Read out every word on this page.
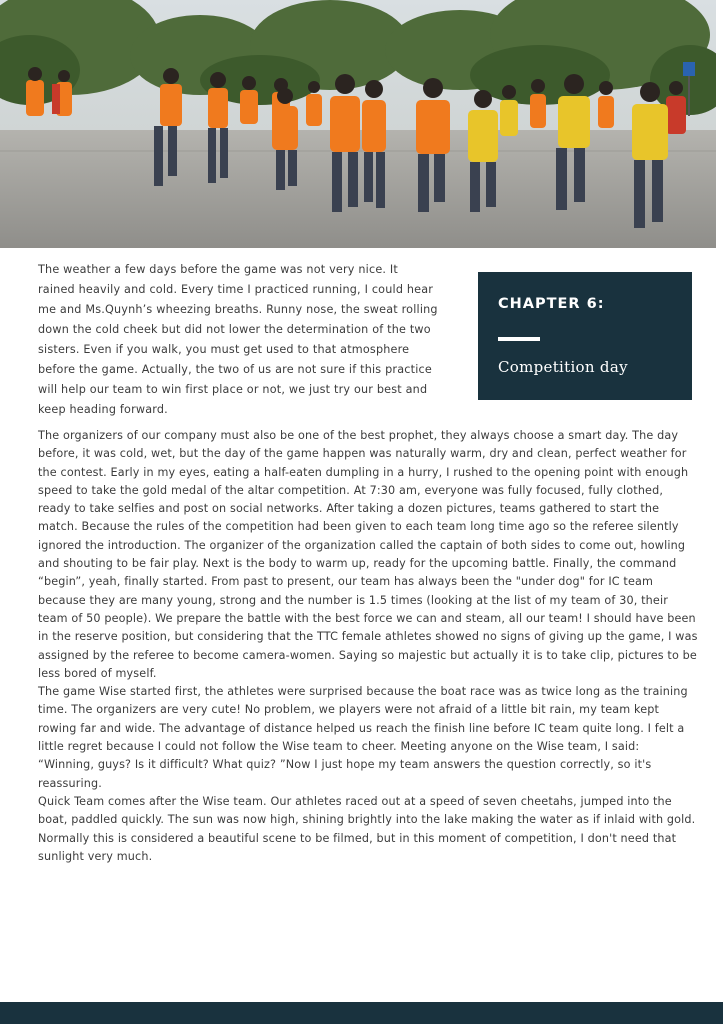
The weather a few days before the game was not very nice. It rained heavily and cold. Every time I practiced running, I could hear me and Ms.Quynh’s wheezing breaths. Runny nose, the sweat rolling down the cold cheek but did not lower the determination of the two sisters. Even if you walk, you must get used to that atmosphere before the game. Actually, the two of us are not sure if this practice will help our team to win first place or not, we just try our best and keep heading forward.

CHAPTER 6:
Competition day

The organizers of our company must also be one of the best prophet, they always choose a smart day. The day before, it was cold, wet, but the day of the game happen was naturally warm, dry and clean, perfect weather for the contest. Early in my eyes, eating a half-eaten dumpling in a hurry, I rushed to the opening point with enough speed to take the gold medal of the altar competition. At 7:30 am, everyone was fully focused, fully clothed, ready to take selfies and post on social networks. After taking a dozen pictures, teams gathered to start the match. Because the rules of the competition had been given to each team long time ago so the referee silently ignored the introduction. The organizer of the organization called the captain of both sides to come out, howling and shouting to be fair play. Next is the body to warm up, ready for the upcoming battle. Finally, the command “begin”, yeah, finally started. From past to present, our team has always been the "under dog" for IC team because they are many young, strong and the number is 1.5 times (looking at the list of my team of 30, their team of 50 people). We prepare the battle with the best force we can and steam, all our team! I should have been in the reserve position, but considering that the TTC female athletes showed no signs of giving up the game, I was assigned by the referee to become camera-women. Saying so majestic but actually it is to take clip, pictures to be less bored of myself.

The game Wise started first, the athletes were surprised because the boat race was as twice long as the training time. The organizers are very cute! No problem, we players were not afraid of a little bit rain, my team kept rowing far and wide. The advantage of distance helped us reach the finish line before IC team quite long. I felt a little regret because I could not follow the Wise team to cheer. Meeting anyone on the Wise team, I said: “Winning, guys? Is it difficult? What quiz? ”Now I just hope my team answers the question correctly, so it's reassuring.

Quick Team comes after the Wise team. Our athletes raced out at a speed of seven cheetahs, jumped into the boat, paddled quickly. The sun was now high, shining brightly into the lake making the water as if inlaid with gold. Normally this is considered a beautiful scene to be filmed, but in this moment of competition, I don't need that sunlight very much.
